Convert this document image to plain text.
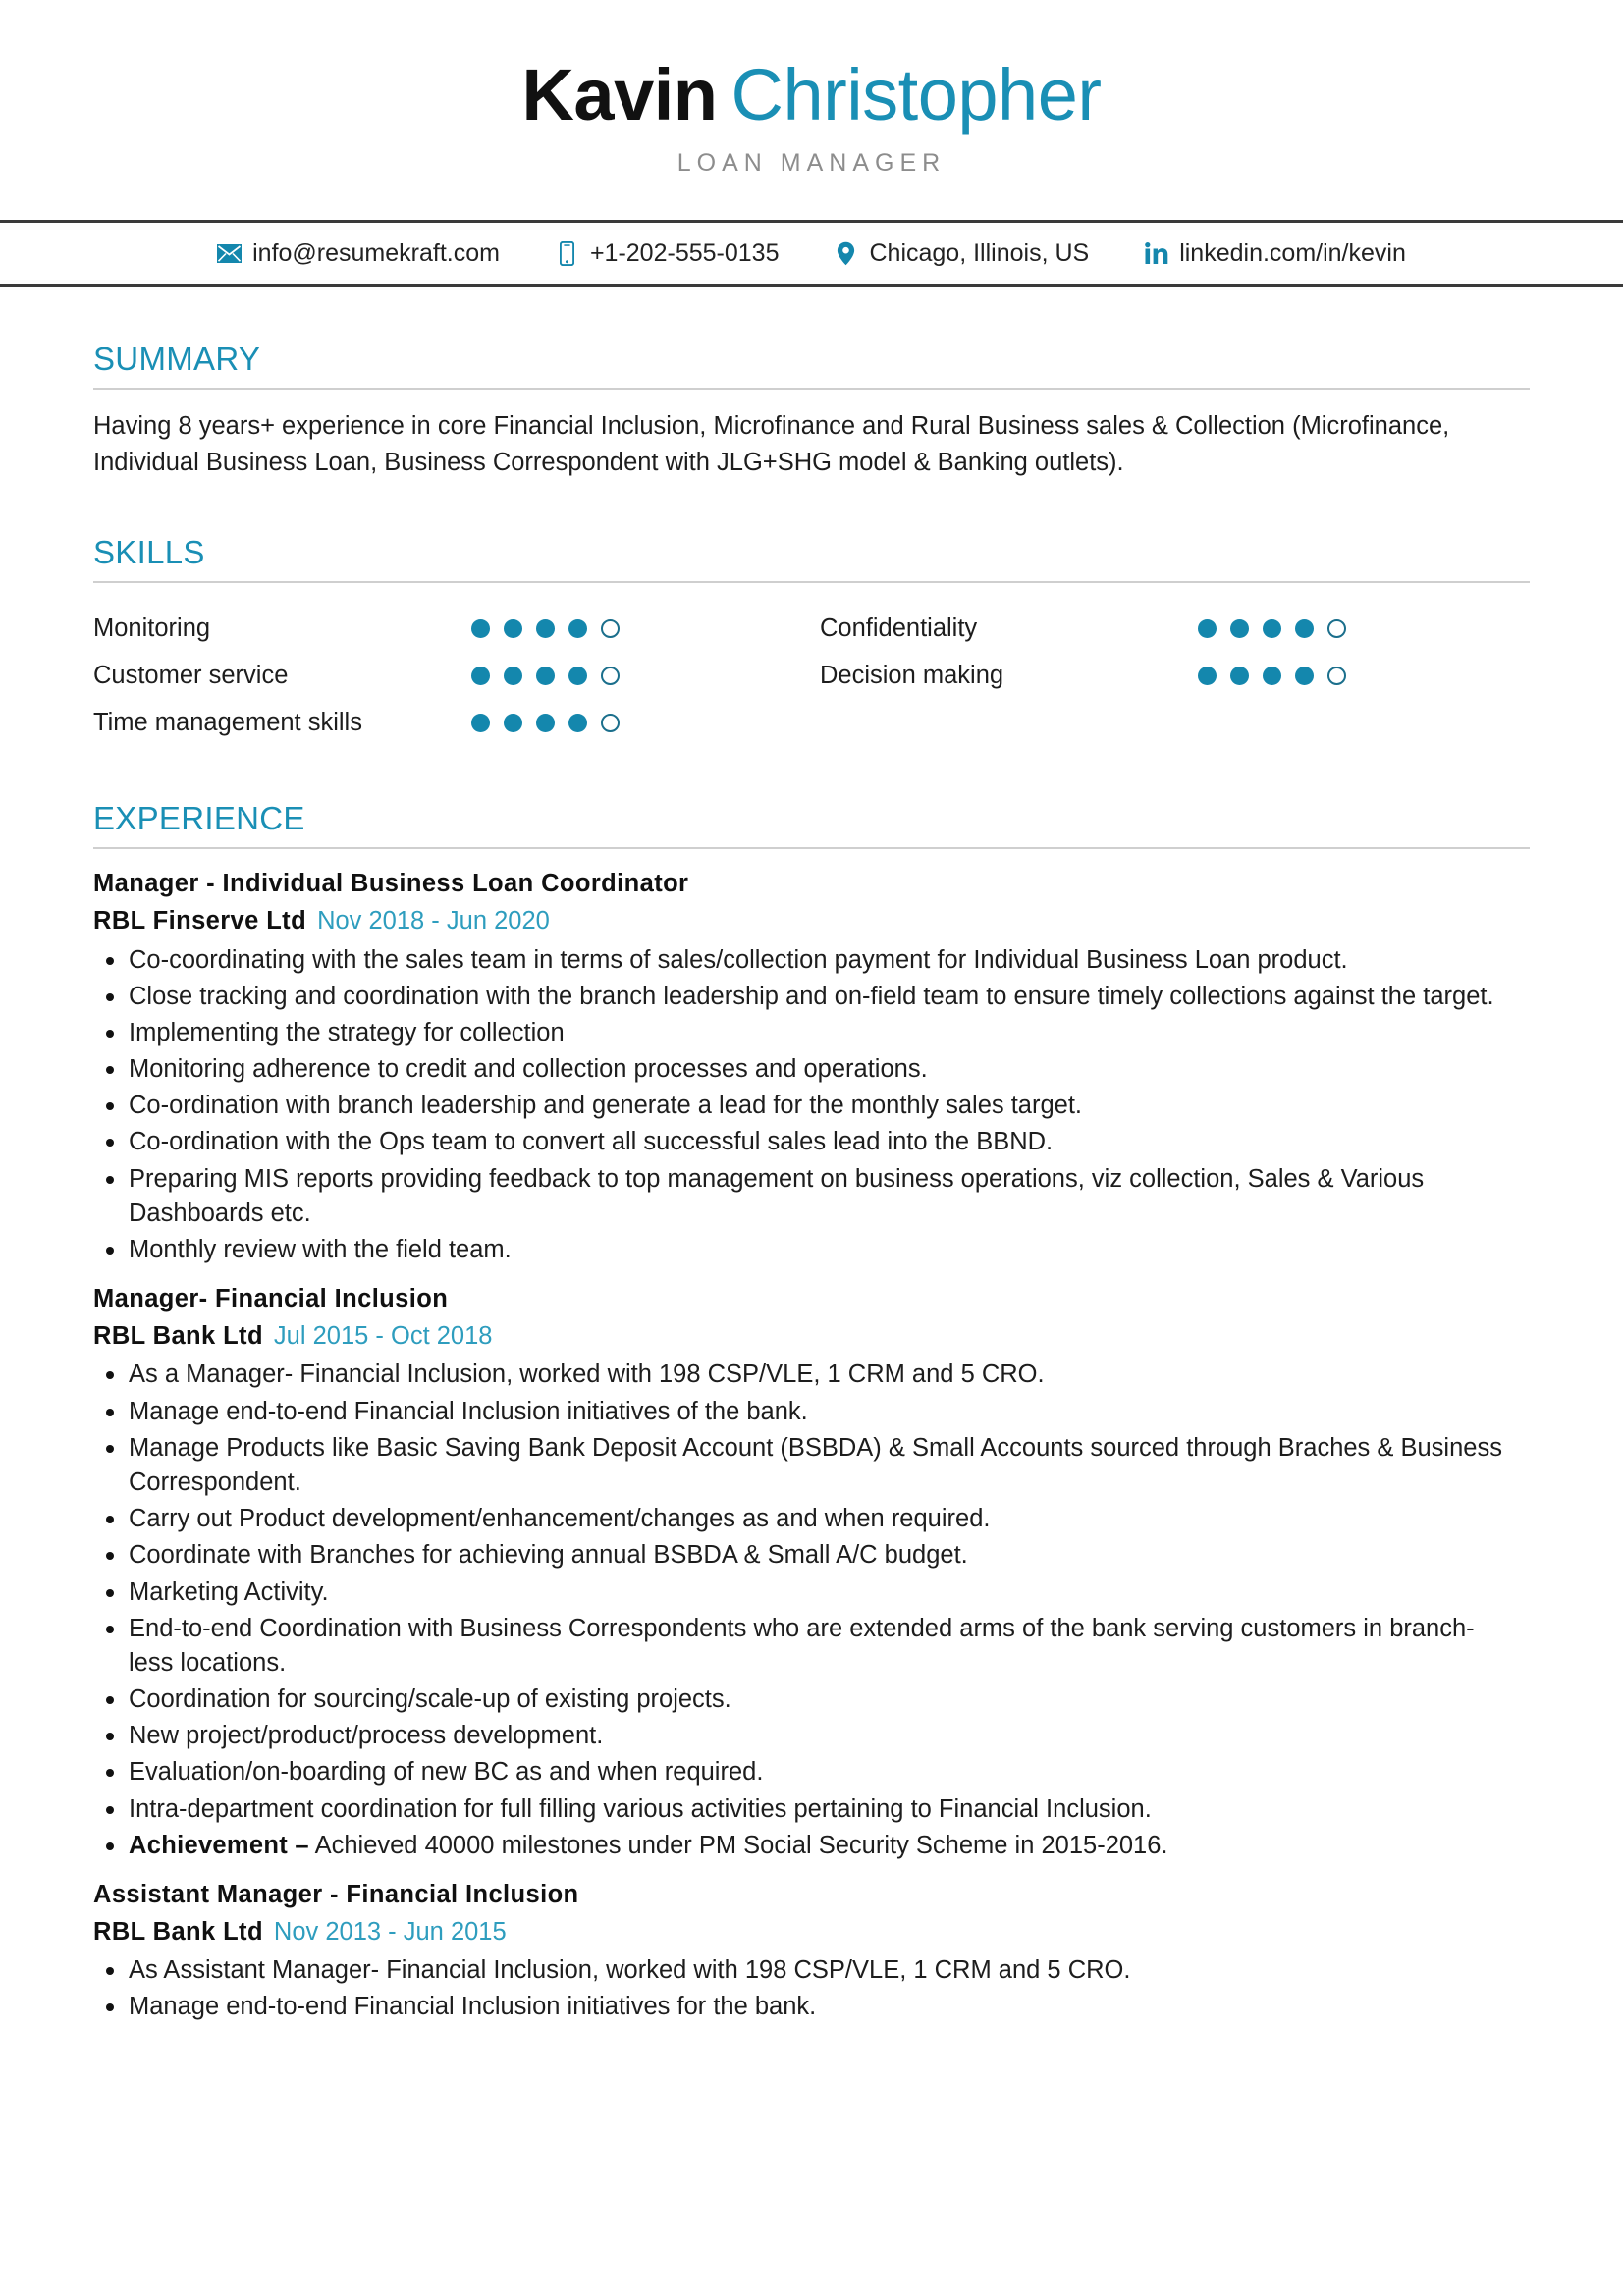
Kavin Christopher
LOAN MANAGER
info@resumekraft.com	+1-202-555-0135	Chicago, Illinois, US	linkedin.com/in/kevin
SUMMARY
Having 8 years+ experience in core Financial Inclusion, Microfinance and Rural Business sales & Collection (Microfinance, Individual Business Loan, Business Correspondent with JLG+SHG model & Banking outlets).
SKILLS
Monitoring	Confidentiality
Customer service	Decision making
Time management skills
EXPERIENCE
Manager - Individual Business Loan Coordinator
RBL Finserve Ltd Nov 2018 - Jun 2020
Co-coordinating with the sales team in terms of sales/collection payment for Individual Business Loan product.
Close tracking and coordination with the branch leadership and on-field team to ensure timely collections against the target.
Implementing the strategy for collection
Monitoring adherence to credit and collection processes and operations.
Co-ordination with branch leadership and generate a lead for the monthly sales target.
Co-ordination with the Ops team to convert all successful sales lead into the BBND.
Preparing MIS reports providing feedback to top management on business operations, viz collection, Sales & Various Dashboards etc.
Monthly review with the field team.
Manager- Financial Inclusion
RBL Bank Ltd Jul 2015 - Oct 2018
As a Manager- Financial Inclusion, worked with 198 CSP/VLE, 1 CRM and 5 CRO.
Manage end-to-end Financial Inclusion initiatives of the bank.
Manage Products like Basic Saving Bank Deposit Account (BSBDA) & Small Accounts sourced through Braches & Business Correspondent.
Carry out Product development/enhancement/changes as and when required.
Coordinate with Branches for achieving annual BSBDA & Small A/C budget.
Marketing Activity.
End-to-end Coordination with Business Correspondents who are extended arms of the bank serving customers in branch-less locations.
Coordination for sourcing/scale-up of existing projects.
New project/product/process development.
Evaluation/on-boarding of new BC as and when required.
Intra-department coordination for full filling various activities pertaining to Financial Inclusion.
Achievement – Achieved 40000 milestones under PM Social Security Scheme in 2015-2016.
Assistant Manager - Financial Inclusion
RBL Bank Ltd Nov 2013 - Jun 2015
As Assistant Manager- Financial Inclusion, worked with 198 CSP/VLE, 1 CRM and 5 CRO.
Manage end-to-end Financial Inclusion initiatives for the bank.
